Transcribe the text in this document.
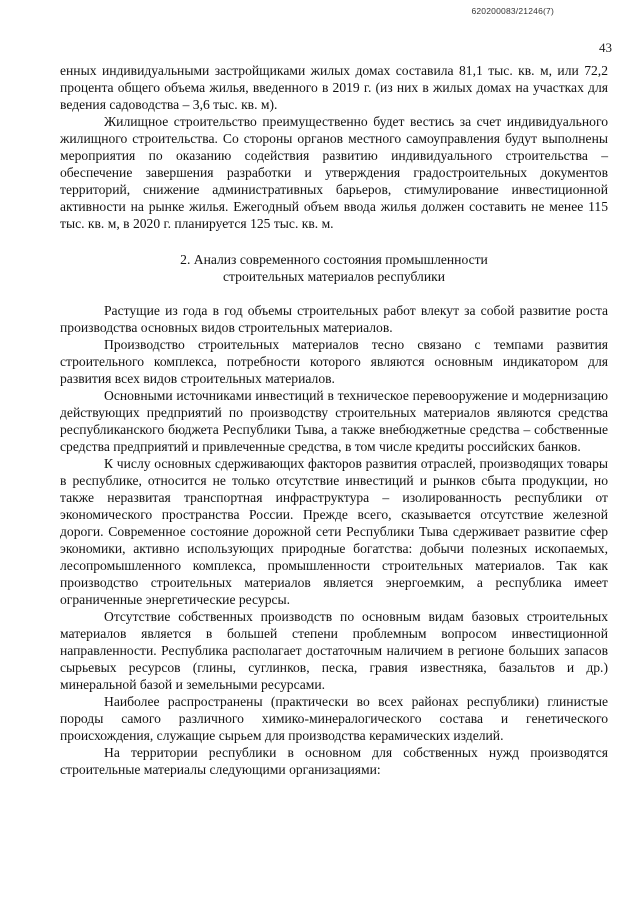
620200083/21246(7)
43

енных индивидуальными застройщиками жилых домах составила 81,1 тыс. кв. м, или 72,2 процента общего объема жилья, введенного в 2019 г. (из них в жилых домах на участках для ведения садоводства – 3,6 тыс. кв. м).

Жилищное строительство преимущественно будет вестись за счет индивидуального жилищного строительства. Со стороны органов местного самоуправления будут выполнены мероприятия по оказанию содействия развитию индивидуального строительства – обеспечение завершения разработки и утверждения градостроительных документов территорий, снижение административных барьеров, стимулирование инвестиционной активности на рынке жилья. Ежегодный объем ввода жилья должен составить не менее 115 тыс. кв. м, в 2020 г. планируется 125 тыс. кв. м.

2. Анализ современного состояния промышленности
строительных материалов республики

Растущие из года в год объемы строительных работ влекут за собой развитие роста производства основных видов строительных материалов.

Производство строительных материалов тесно связано с темпами развития строительного комплекса, потребности которого являются основным индикатором для развития всех видов строительных материалов.

Основными источниками инвестиций в техническое перевооружение и модернизацию действующих предприятий по производству строительных материалов являются средства республиканского бюджета Республики Тыва, а также внебюджетные средства – собственные средства предприятий и привлеченные средства, в том числе кредиты российских банков.

К числу основных сдерживающих факторов развития отраслей, производящих товары в республике, относится не только отсутствие инвестиций и рынков сбыта продукции, но также неразвитая транспортная инфраструктура – изолированность республики от экономического пространства России. Прежде всего, сказывается отсутствие железной дороги. Современное состояние дорожной сети Республики Тыва сдерживает развитие сфер экономики, активно использующих природные богатства: добычи полезных ископаемых, лесопромышленного комплекса, промышленности строительных материалов. Так как производство строительных материалов является энергоемким, а республика имеет ограниченные энергетические ресурсы.

Отсутствие собственных производств по основным видам базовых строительных материалов является в большей степени проблемным вопросом инвестиционной направленности. Республика располагает достаточным наличием в регионе больших запасов сырьевых ресурсов (глины, суглинков, песка, гравия известняка, базальтов и др.) минеральной базой и земельными ресурсами.

Наиболее распространены (практически во всех районах республики) глинистые породы самого различного химико-минералогического состава и генетического происхождения, служащие сырьем для производства керамических изделий.

На территории республики в основном для собственных нужд производятся строительные материалы следующими организациями:
